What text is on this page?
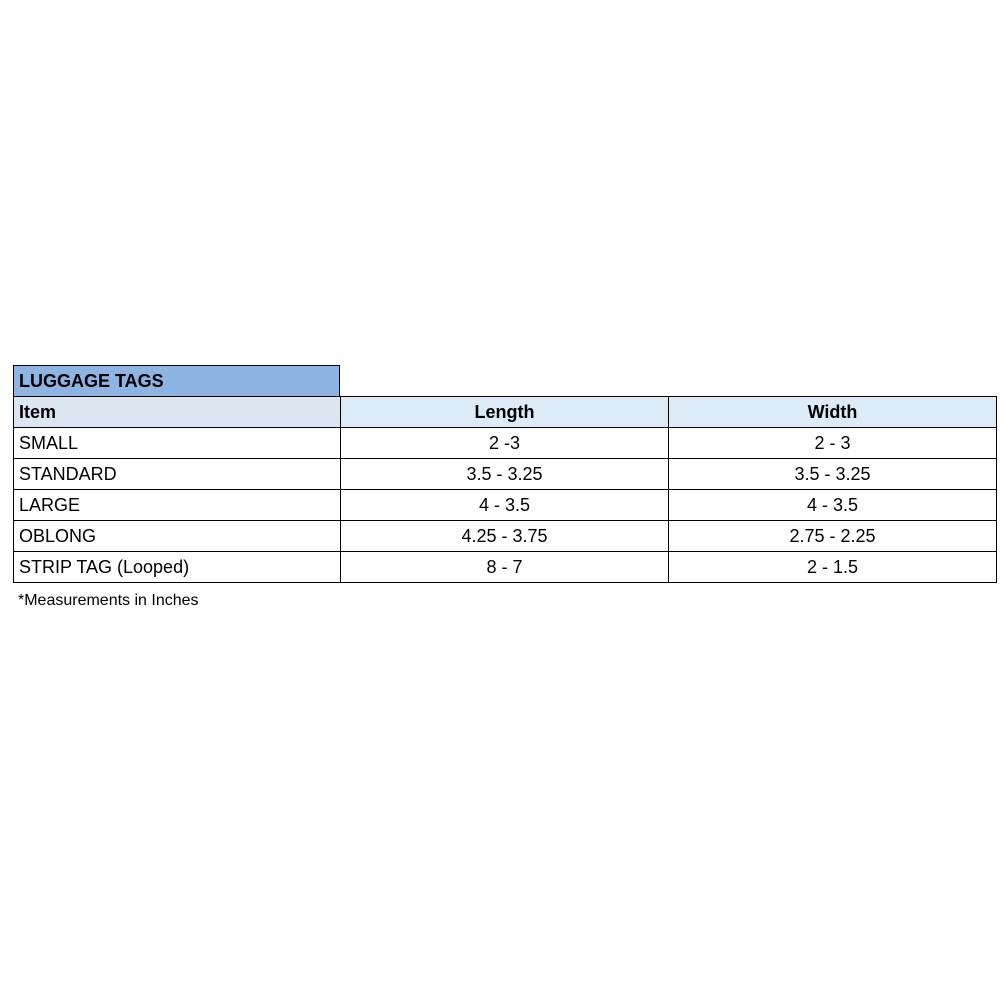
LUGGAGE TAGS
Item	Length	Width
SMALL	2 -3	2 - 3
STANDARD	3.5 - 3.25	3.5 - 3.25
LARGE	4 - 3.5	4 - 3.5
OBLONG	4.25 - 3.75	2.75 - 2.25
STRIP TAG (Looped)	8 - 7	2 - 1.5
*Measurements in Inches
